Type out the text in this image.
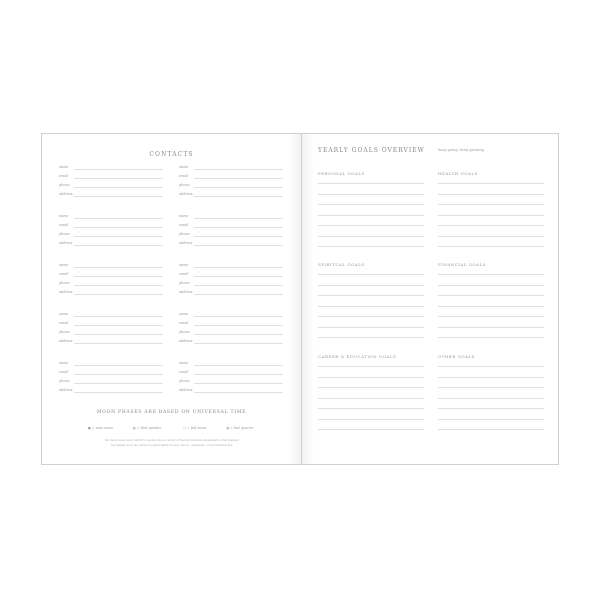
CONTACTS
name
email
phone
address
name
email
phone
address
name
email
phone
address
name
email
phone
address
name
email
phone
address
name
email
phone
address
name
email
phone
address
name
email
phone
address
name
email
phone
address
name
email
phone
address
MOON PHASES ARE BASED ON UNIVERSAL TIME
● = new moon	◐ = first quarter	○ = full moon	◑ = last quarter
We have made every effort to assure the accuracy of the information presented in this planner,
but please note we cannot be held liable for any errors, omissions, or inconsistencies.
YEARLY GOALS OVERVIEW	keep going, keep growing
PERSONAL GOALS	HEALTH GOALS
SPIRITUAL GOALS	FINANCIAL GOALS
CAREER & EDUCATION GOALS	OTHER GOALS
